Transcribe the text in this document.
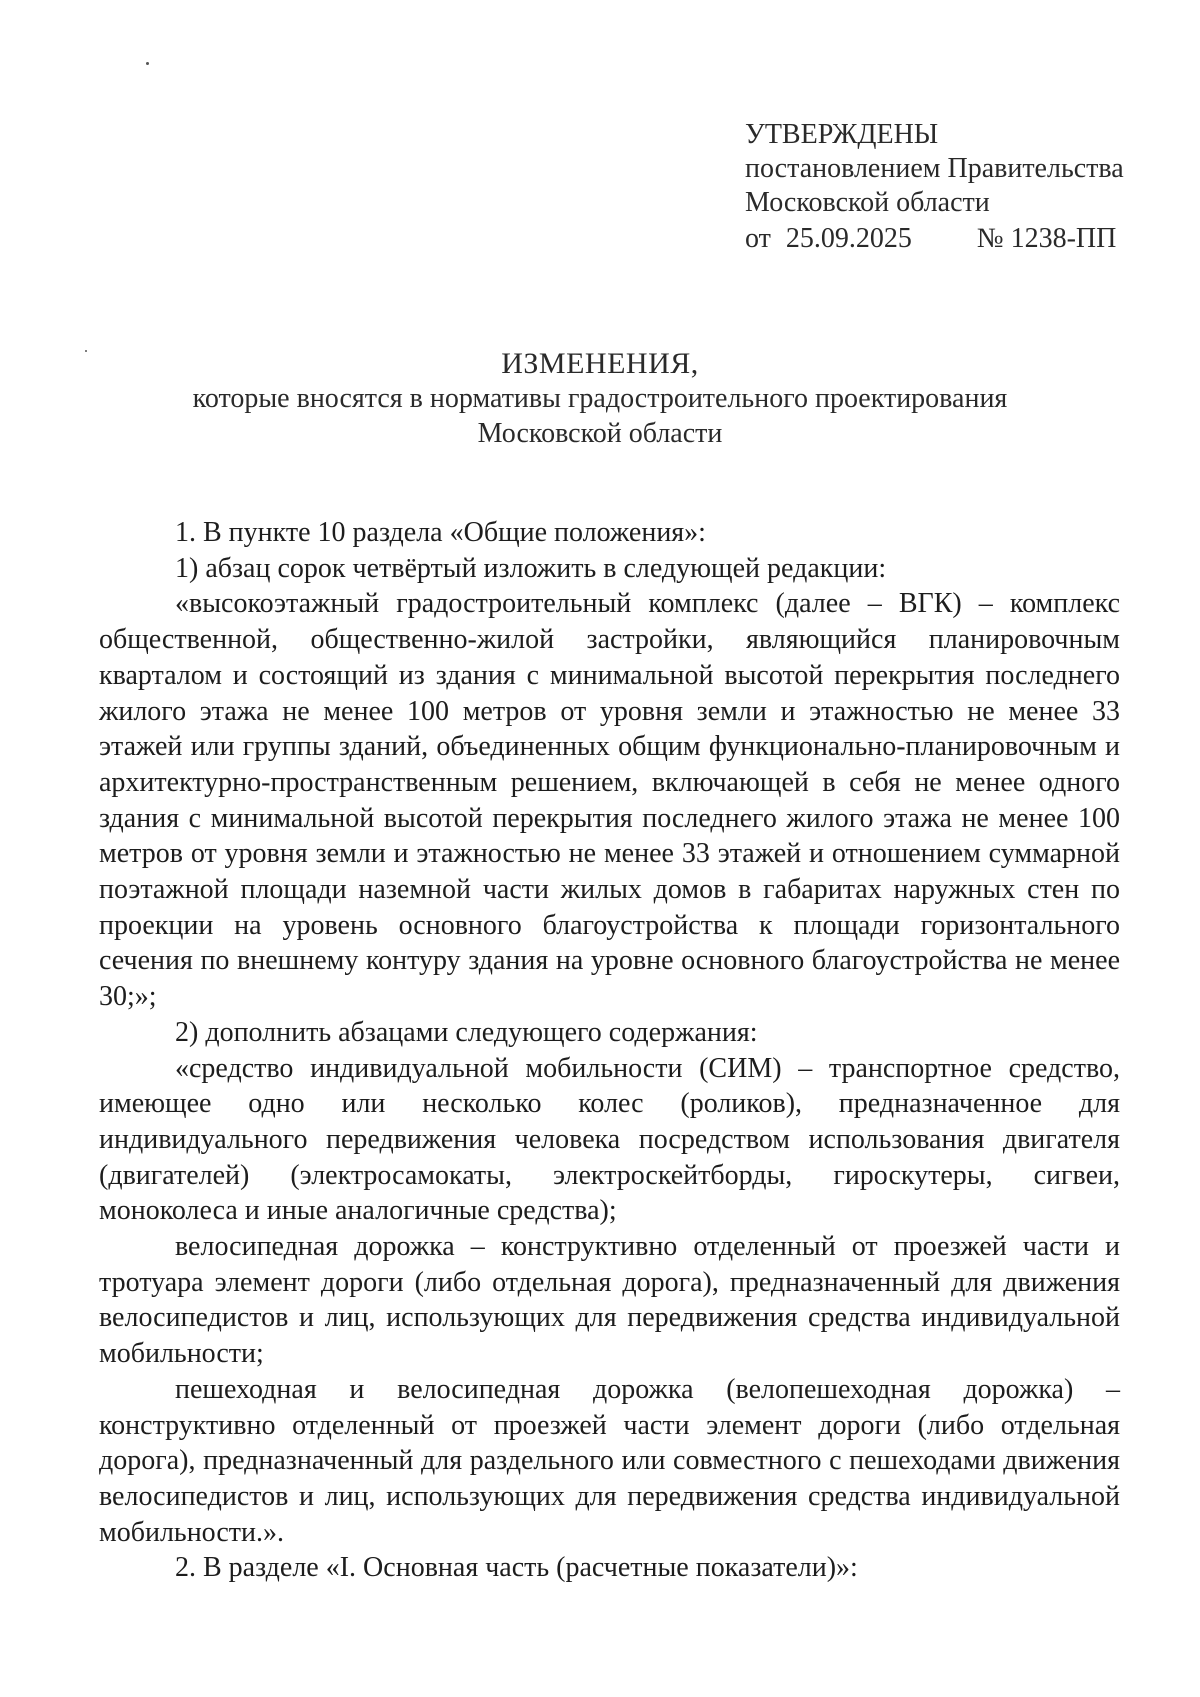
УТВЕРЖДЕНЫ
постановлением Правительства
Московской области
от 25.09.2025 № 1238-ПП
ИЗМЕНЕНИЯ,
которые вносятся в нормативы градостроительного проектирования
Московской области

1. В пункте 10 раздела «Общие положения»:

1) абзац сорок четвёртый изложить в следующей редакции:

«высокоэтажный градостроительный комплекс (далее – ВГК) – комплекс общественной, общественно-жилой застройки, являющийся планировочным кварталом и состоящий из здания с минимальной высотой перекрытия последнего жилого этажа не менее 100 метров от уровня земли и этажностью не менее 33 этажей или группы зданий, объединенных общим функционально-планировочным и архитектурно-пространственным решением, включающей в себя не менее одного здания с минимальной высотой перекрытия последнего жилого этажа не менее 100 метров от уровня земли и этажностью не менее 33 этажей и отношением суммарной поэтажной площади наземной части жилых домов в габаритах наружных стен по проекции на уровень основного благоустройства к площади горизонтального сечения по внешнему контуру здания на уровне основного благоустройства не менее 30;»;

2) дополнить абзацами следующего содержания:

«средство индивидуальной мобильности (СИМ) – транспортное средство, имеющее одно или несколько колес (роликов), предназначенное для индивидуального передвижения человека посредством использования двигателя (двигателей) (электросамокаты, электроскейтборды, гироскутеры, сигвеи, моноколеса и иные аналогичные средства);

велосипедная дорожка – конструктивно отделенный от проезжей части и тротуара элемент дороги (либо отдельная дорога), предназначенный для движения велосипедистов и лиц, использующих для передвижения средства индивидуальной мобильности;

пешеходная и велосипедная дорожка (велопешеходная дорожка) – конструктивно отделенный от проезжей части элемент дороги (либо отдельная дорога), предназначенный для раздельного или совместного с пешеходами движения велосипедистов и лиц, использующих для передвижения средства индивидуальной мобильности.».

2. В разделе «I. Основная часть (расчетные показатели)»:
